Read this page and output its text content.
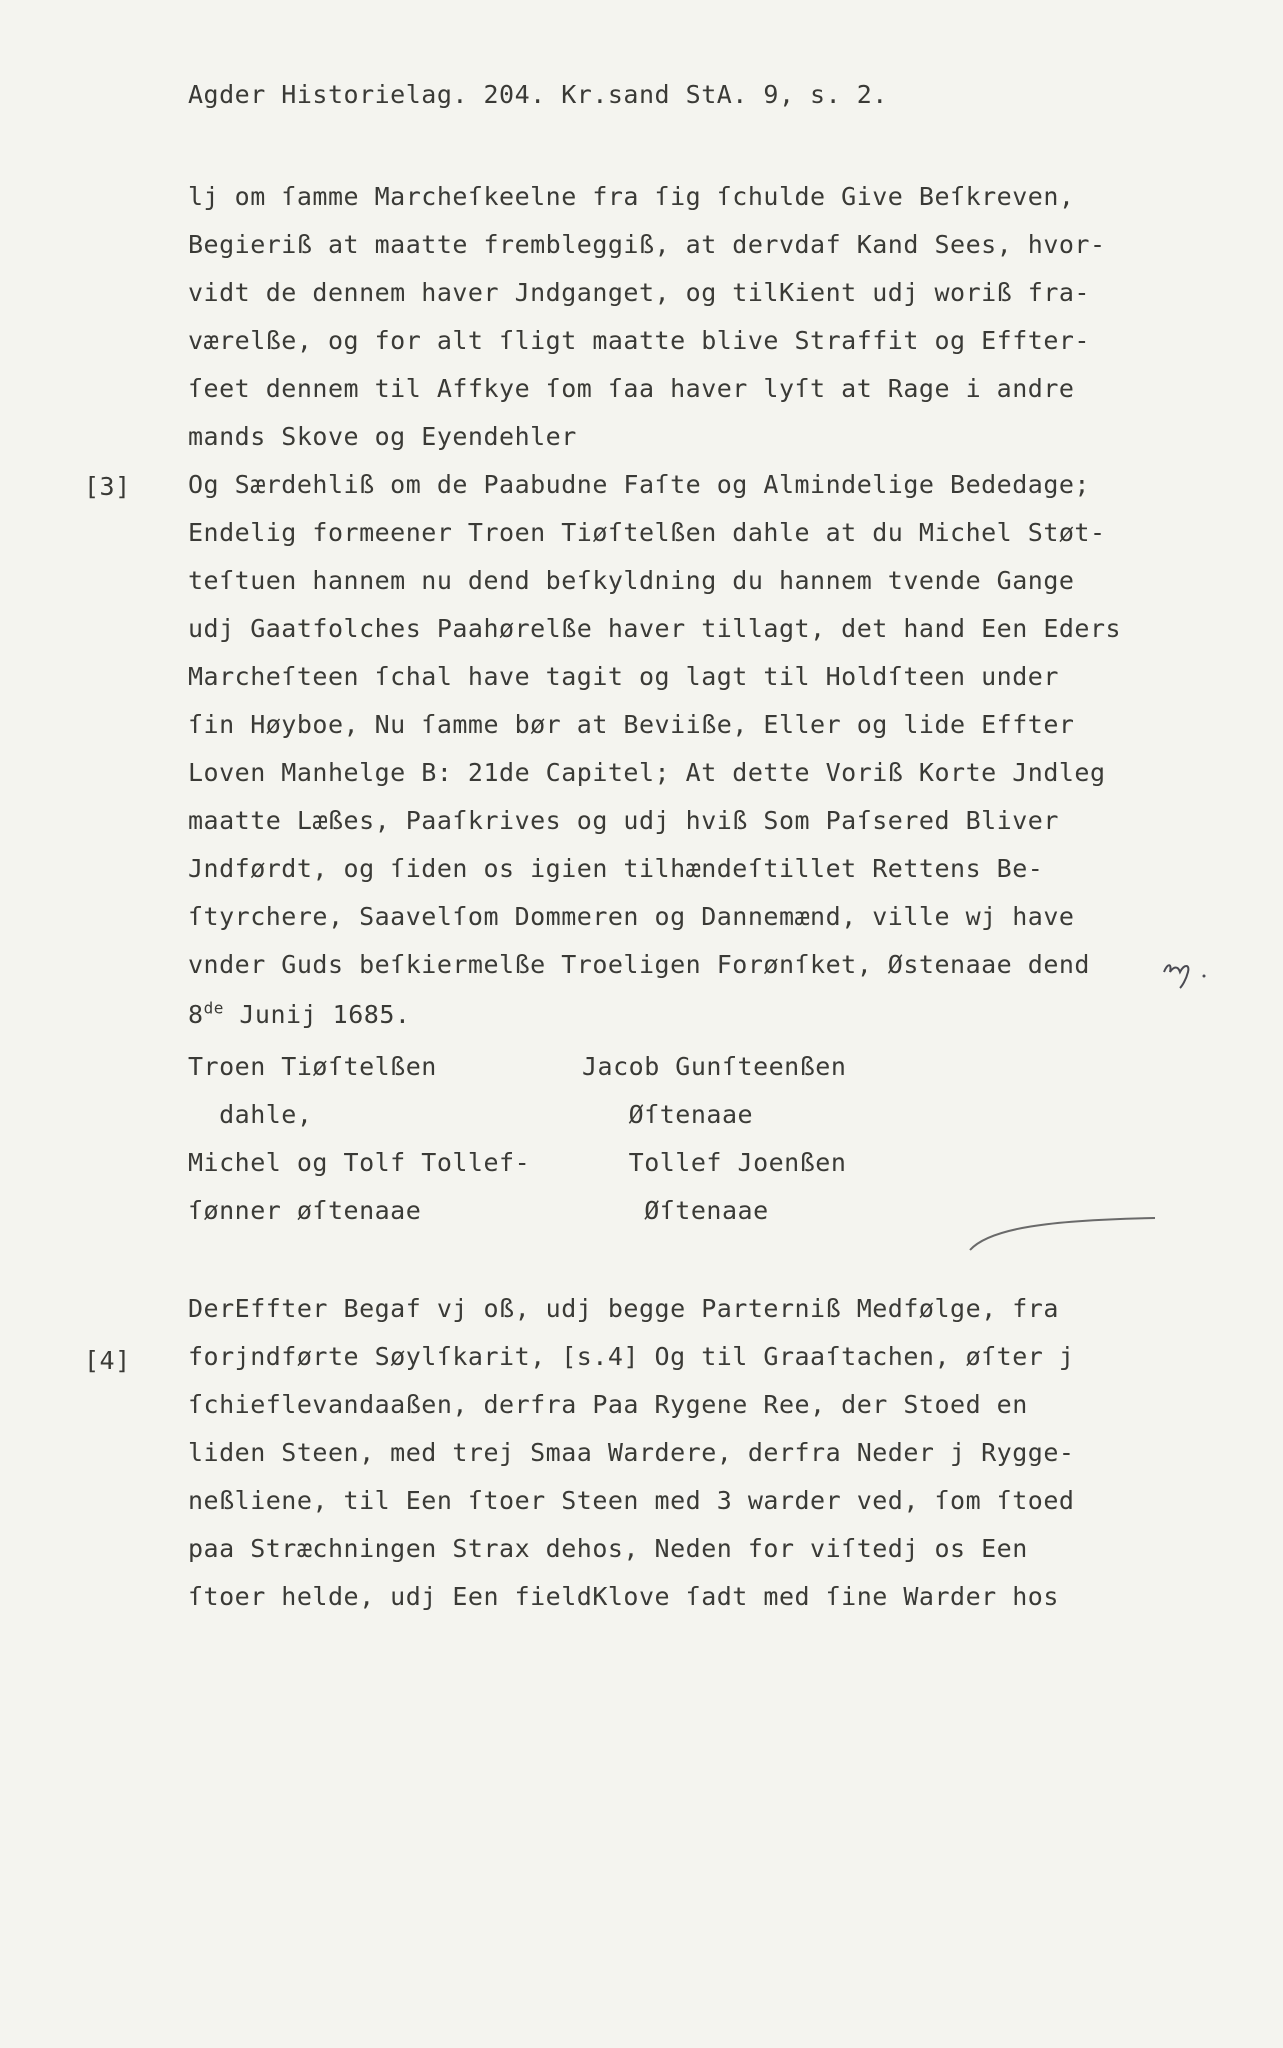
Agder Historielag. 204. Kr.sand StA. 9, s. 2.
lj om ſamme Marcheſkeelne fra ſig ſchulde Give Beſkreven,
Begieriß at maatte frembleggiß, at dervdaf Kand Sees, hvor-
vidt de dennem haver Jndganget, og tilKient udj woriß fra-
værelße, og for alt ſligt maatte blive Straffit og Effter-
ſeet dennem til Affkye ſom ſaa haver lyſt at Rage i andre
mands Skove og Eyendehler
[3] Og Særdehliß om de Paabudne Faſte og Almindelige Bededage;
Endelig formeener Troen Tiøſtelßen dahle at du Michel Støt-
teſtuen hannem nu dend beſkyldning du hannem tvende Gange
udj Gaatfolches Paahørelße haver tillagt, det hand Een Eders
Marcheſteen ſchal have tagit og lagt til Holdſteen under
ſin Høyboe, Nu ſamme bør at Beviiße, Eller og lide Effter
Loven Manhelge B: 21de Capitel; At dette Voriß Korte Jndleg
maatte Læßes, Paaſkrives og udj hviß Som Paſsered Bliver
Jndførdt, og ſiden os igien tilhændeſtillet Rettens Be-
ſtyrchere, Saavelſom Dommeren og Dannemænd, ville wj have
vnder Guds beſkiermelße Troeligen Forønſket, Østenaae dend
8de Junij 1685.
Troen Tiøſtelßen
dahle,
Michel og Tolf Tollef-
ſønner øſtenaae
Jacob Gunſteenßen
Øſtenaae
Tollef Joenßen
Øſtenaae
[4]
DerEffter Begaf vj oß, udj begge Parterniß Medfølge, fra
forjndførte Søylſkarit, [s.4] Og til Graaſtachen, øſter j
ſchieflevandaaßen, derfra Paa Rygene Ree, der Stoed en
liden Steen, med trej Smaa Wardere, derfra Neder j Rygge-
neßliene, til Een ſtoer Steen med 3 warder ved, ſom ſtoed
paa Stræchningen Strax dehos, Neden for viſtedj os Een
ſtoer helde, udj Een fieldKlove ſadt med ſine Warder hos
